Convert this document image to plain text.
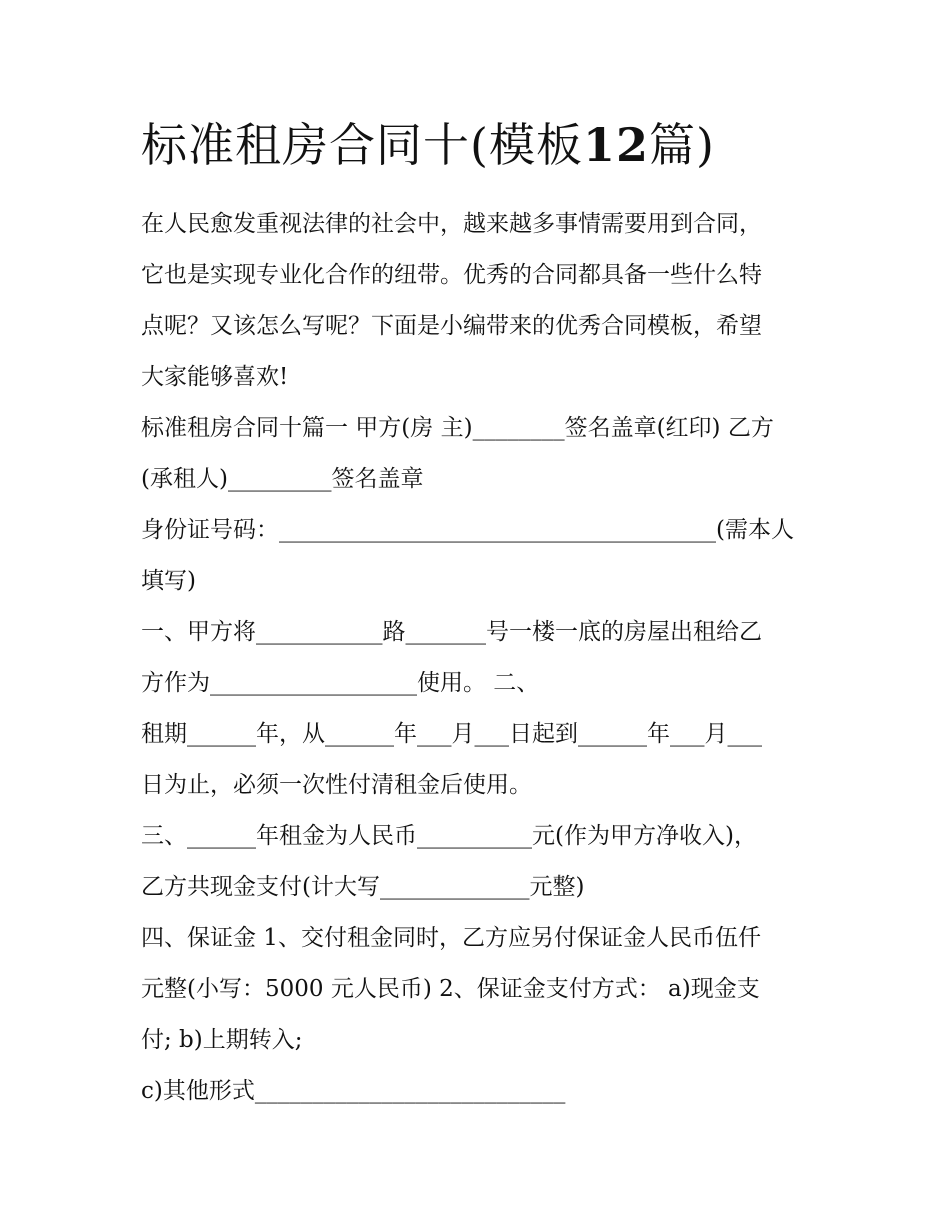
标准租房合同十(模板12篇)

在人民愈发重视法律的社会中，越来越多事情需要用到合同，

它也是实现专业化合作的纽带。优秀的合同都具备一些什么特

点呢？又该怎么写呢？下面是小编带来的优秀合同模板，希望

大家能够喜欢!

标准租房合同十篇一 甲方(房 主)________签名盖章(红印) 乙方

(承租人)_________签名盖章

身份证号码：______________________________________(需本人

填写)

一、甲方将___________路_______号一楼一底的房屋出租给乙

方作为__________________使用。 二、

租期______年，从______年___月___日起到______年___月___

日为止，必须一次性付清租金后使用。

三、______年租金为人民币__________元(作为甲方净收入)，

乙方共现金支付(计大写_____________元整)

四、保证金 1、交付租金同时，乙方应另付保证金人民币伍仟

元整(小写：5000 元人民币) 2、保证金支付方式： a)现金支

付; b)上期转入;

c)其他形式___________________________
